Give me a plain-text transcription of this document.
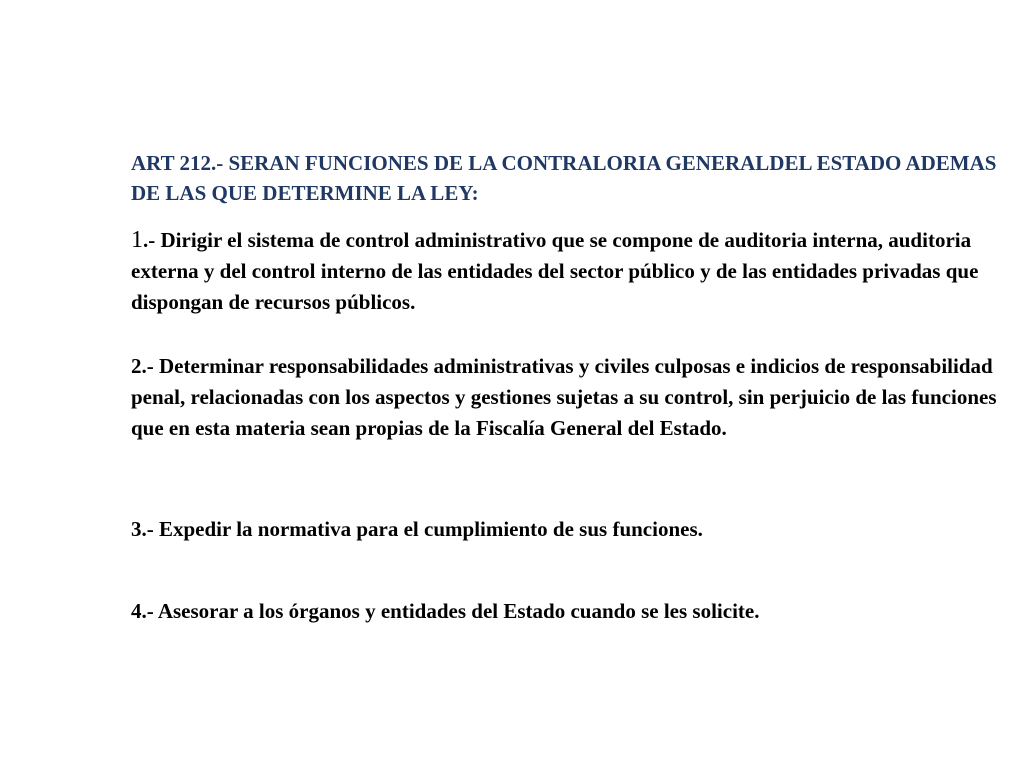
ART 212.- SERAN FUNCIONES DE LA CONTRALORIA GENERALDEL ESTADO ADEMAS DE LAS QUE DETERMINE LA LEY:

1.- Dirigir el sistema de control administrativo que se compone de auditoria interna, auditoria externa y del control interno de las entidades del sector público y de las entidades privadas que dispongan de recursos públicos.

2.- Determinar responsabilidades administrativas y civiles culposas e indicios de responsabilidad penal, relacionadas con los aspectos y gestiones sujetas a su control, sin perjuicio de las funciones que en esta materia sean propias de la Fiscalía General del Estado.

3.- Expedir la normativa para el cumplimiento de sus funciones.

4.- Asesorar a los órganos y entidades del Estado cuando se les solicite.
